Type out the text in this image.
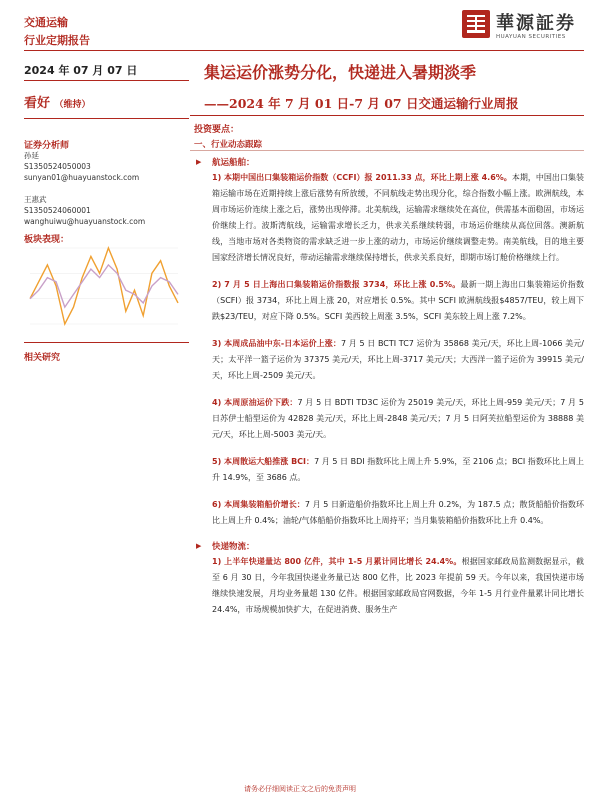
交通运输
行业定期报告
華源証券
HUAYUAN SECURITIES
2024 年 07 月 07 日
看好 （维持）
证券分析师
孙延
S1350524050003
sunyan01@huayuanstock.com
王惠武
S1350524060001
wanghuiwu@huayuanstock.com
板块表现：
相关研究
集运运价涨势分化，快递进入暑期淡季
——2024 年 7 月 01 日-7 月 07 日交通运输行业周报
投资要点：
一、行业动态跟踪
▶ 航运船舶：

1) 本期中国出口集装箱运价指数（CCFI）报 2011.33 点，环比上期上涨 4.6%。本期，中国出口集装箱运输市场在近期持续上涨后涨势有所放缓，不同航线走势出现分化，综合指数小幅上涨。欧洲航线，本周市场运价连续上涨之后，涨势出现停滞。北美航线，运输需求继续处在高位，供需基本面稳固，市场运价继续上行。波斯湾航线，运输需求增长乏力，供求关系继续转弱，市场运价继续从高位回落。澳新航线，当地市场对各类物资的需求缺乏进一步上涨的动力，市场运价继续调整走势。南美航线，目的地主要国家经济增长情况良好，带动运输需求继续保持增长，供求关系良好，即期市场订舱价格继续上行。

2) 7 月 5 日上海出口集装箱运价指数报 3734，环比上涨 0.5%。最新一期上海出口集装箱运价指数（SCFI）报 3734，环比上周上涨 20，对应增长 0.5%。其中 SCFI 欧洲航线报$4857/TEU，较上周下跌$23/TEU，对应下降 0.5%。SCFI 美西较上周涨 3.5%，SCFI 美东较上周上涨 7.2%。

3) 本周成品油中东-日本运价上涨：7 月 5 日 BCTI TC7 运价为 35868 美元/天，环比上周-1066 美元/天；太平洋一篮子运价为 37375 美元/天，环比上周-3717 美元/天；大西洋一篮子运价为 39915 美元/天，环比上周-2509 美元/天。

4) 本周原油运价下跌：7 月 5 日 BDTI TD3C 运价为 25019 美元/天，环比上周-959 美元/天；7 月 5 日苏伊士船型运价为 42828 美元/天，环比上周-2848 美元/天；7 月 5 日阿芙拉船型运价为 38888 美元/天，环比上周-5003 美元/天。

5) 本周散运大船推涨 BCI：7 月 5 日 BDI 指数环比上周上升 5.9%，至 2106 点；BCI 指数环比上周上升 14.9%，至 3686 点。

6) 本周集装箱船价增长：7 月 5 日新造船价指数环比上周上升 0.2%，为 187.5 点；散货船船价指数环比上周上升 0.4%；油轮/气体船船价指数环比上周持平；当月集装箱船价指数环比上升 0.4%。

▶ 快递物流：

1) 上半年快递量达 800 亿件，其中 1-5 月累计同比增长 24.4%。根据国家邮政局监测数据显示，截至 6 月 30 日，今年我国快递业务量已达 800 亿件，比 2023 年提前 59 天。今年以来，我国快递市场继续快速发展，月均业务量超 130 亿件。根据国家邮政局官网数据，今年 1-5 月行业件量累计同比增长 24.4%，市场规模加快扩大，在促进消费、服务生产

请务必仔细阅读正文之后的免责声明
